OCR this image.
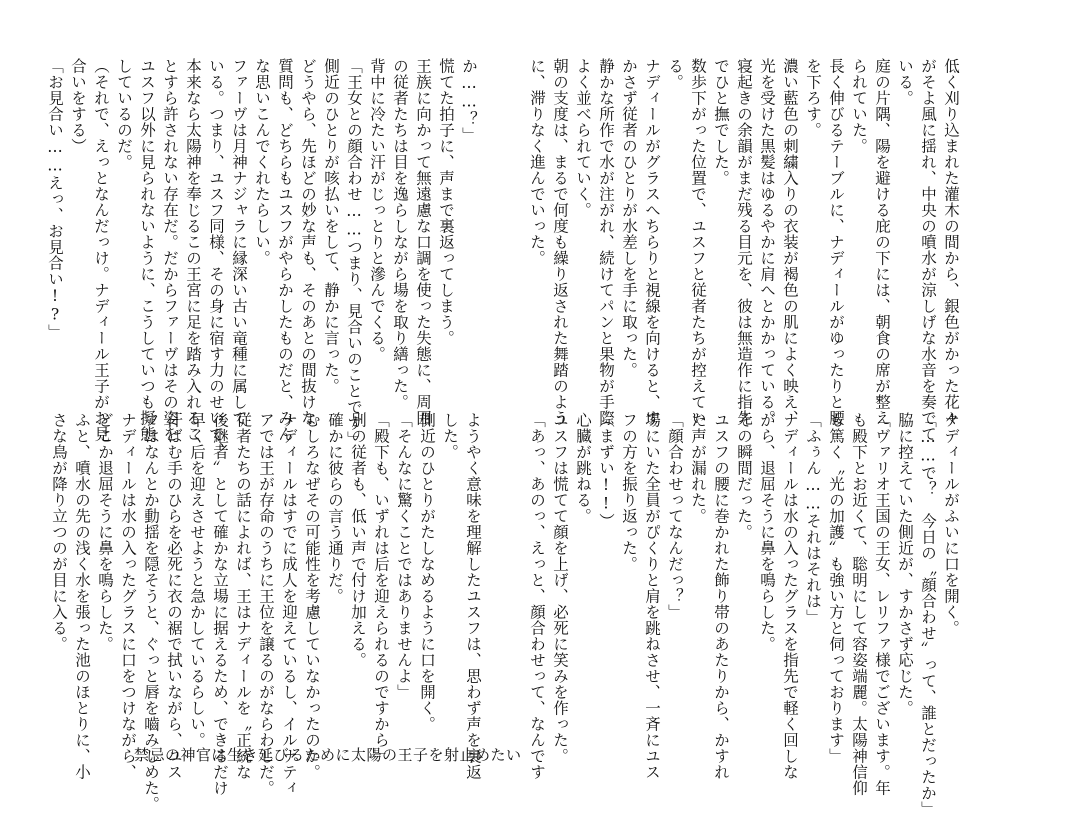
低く刈り込まれた灌木の間から、銀色がかった花々

がそよ風に揺れ、中央の噴水が涼しげな水音を奏でて

いる。

庭の片隅、陽を避ける庇の下には、朝食の席が整え

られていた。

長く伸びるテーブルに、ナディールがゆったりと腰

を下ろす。

濃い藍色の刺繍入りの衣装が褐色の肌によく映え、

光を受けた黒髪はゆるやかに肩へとかかっている。

寝起きの余韻がまだ残る目元を、彼は無造作に指先

でひと撫でした。

数歩下がった位置で、ユスフと従者たちが控えてい

る。

ナディールがグラスへちらりと視線を向けると、す

かさず従者のひとりが水差しを手に取った。

静かな所作で水が注がれ、続けてパンと果物が手際

よく並べられていく。

朝の支度は、まるで何度も繰り返された舞踏のよう

に、滞りなく進んでいった。

ナディールがふいに口を開く。

「……で？　今日の〝顔合わせ〟って、誰とだったか」

脇に控えていた側近が、すかさず応じた。

「ヴァリオ王国の王女、レリファ様でございます。年

も殿下とお近くて、聡明にして容姿端麗。太陽神信仰

も篤く〝光の加護〟も強い方と伺っております」

「ふぅん……それはそれは」

ナディールは水の入ったグラスを指先で軽く回しな

がら、退屈そうに鼻を鳴らした。

その瞬間だった。

ユスフの腰に巻かれた飾り帯のあたりから、かすれ

た声が漏れた。

「顔合わせってなんだっ？」

場にいた全員がぴくりと肩を跳ねさせ、一斉にユス

フの方を振り返った。

（まずい!!）

心臓が跳ねる。

ユスフは慌てて顔を上げ、必死に笑みを作った。

「あっ、あのっ、えっと、顔合わせって、なんです

か……？」

慌てた拍子に、声まで裏返ってしまう。

王族に向かって無遠慮な口調を使った失態に、周囲

の従者たちは目を逸らしながら場を取り繕った。

背中に冷たい汗がじっとりと滲んでくる。

「王女との顔合わせ……つまり、見合いのことです」

側近のひとりが咳払いをして、静かに言った。

どうやら、先ほどの妙な声も、そのあとの間抜けな

質問も、どちらもユスフがやらかしたものだと、みん

な思いこんでくれたらしい。

ファーヴは月神ナジャラに縁深い古い竜種に属して

いる。つまり、ユスフ同様、その身に宿す力のせいで、

本来なら太陽神を奉じるこの王宮に足を踏み入れるこ

とすら許されない存在だ。だからファーヴはその姿を

ユスフ以外に見られないように、こうしていつも擬態

しているのだ。

（それで、えっとなんだっけ。ナディール王子がお見

合いをする）

「お見合い……えっ、お見合い!?」

ようやく意味を理解したユスフは、思わず声を裏返

した。

側近のひとりがたしなめるように口を開く。

「そんなに驚くことではありませんよ」

「殿下も、いずれは后を迎えられるのですから」

別の従者も、低い声で付け加える。

確かに彼らの言う通りだ。

むしろなぜその可能性を考慮していなかったのか。

ナディールはすでに成人を迎えているし、イルナティ

アでは王が存命のうちに王位を譲るのがならわしだ。

従者たちの話によれば、王はナディールを〝正統な

後継者〟として確かな立場に据えるため、できるだけ

早く后を迎えさせようと急かしているらしい。

汗ばむ手のひらを必死に衣の裾で拭いながら、ユス

フはなんとか動揺を隠そうと、ぐっと唇を嚙みしめた。

ナディールは水の入ったグラスに口をつけながら、

どこか退屈そうに鼻を鳴らした。

ふと、噴水の先の浅く水を張った池のほとりに、小

さな鳥が降り立つのが目に入る。

禁忌の神官は生き延びるために太陽の王子を射止めたい
